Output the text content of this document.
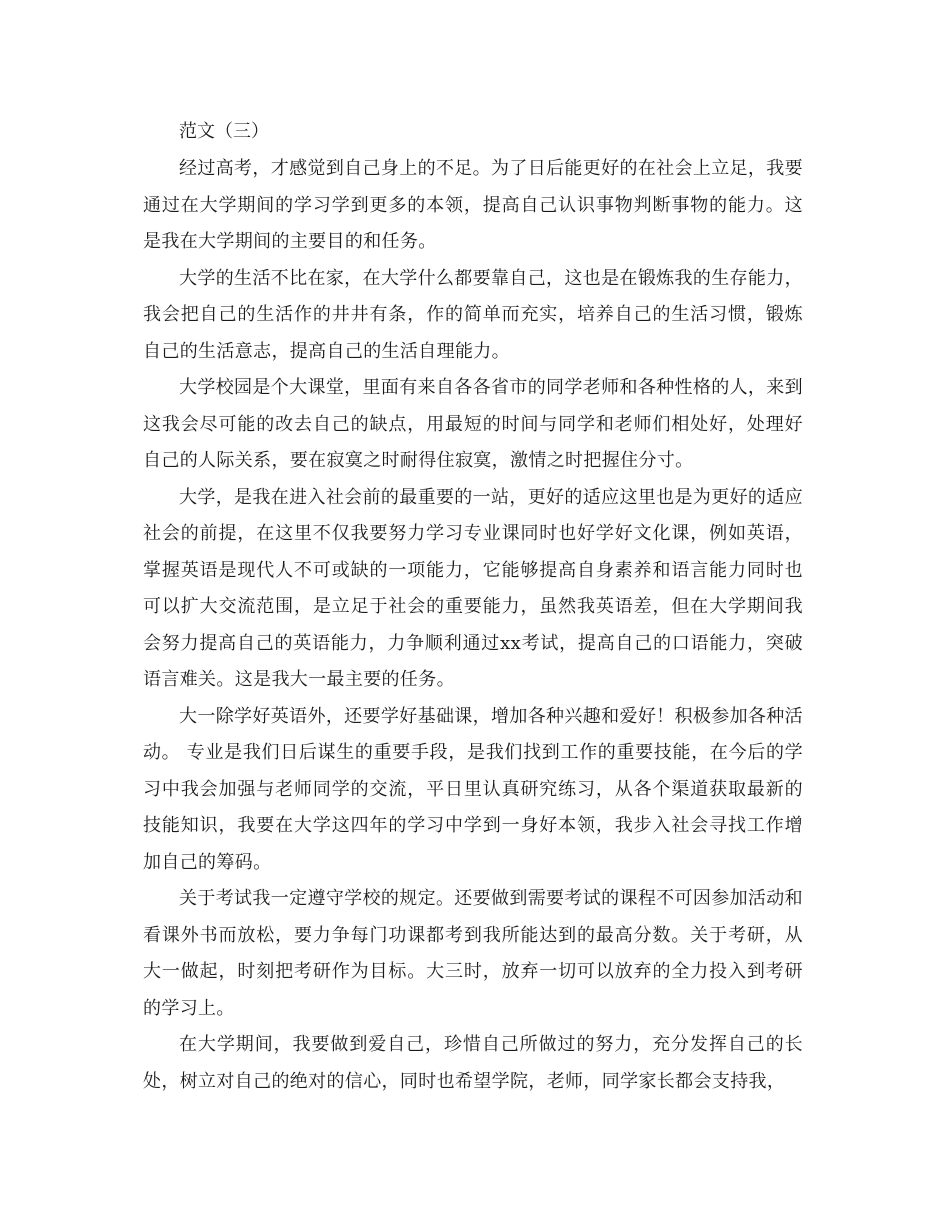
范文（三）

经过高考，才感觉到自己身上的不足。为了日后能更好的在社会上立足，我要通过在大学期间的学习学到更多的本领，提高自己认识事物判断事物的能力。这是我在大学期间的主要目的和任务。

大学的生活不比在家，在大学什么都要靠自己，这也是在锻炼我的生存能力，我会把自己的生活作的井井有条，作的简单而充实，培养自己的生活习惯，锻炼自己的生活意志，提高自己的生活自理能力。

大学校园是个大课堂，里面有来自各各省市的同学老师和各种性格的人，来到这我会尽可能的改去自己的缺点，用最短的时间与同学和老师们相处好，处理好自己的人际关系，要在寂寞之时耐得住寂寞，激情之时把握住分寸。

大学，是我在进入社会前的最重要的一站，更好的适应这里也是为更好的适应社会的前提，在这里不仅我要努力学习专业课同时也好学好文化课，例如英语，掌握英语是现代人不可或缺的一项能力，它能够提高自身素养和语言能力同时也可以扩大交流范围，是立足于社会的重要能力，虽然我英语差，但在大学期间我会努力提高自己的英语能力，力争顺利通过xx考试，提高自己的口语能力，突破语言难关。这是我大一最主要的任务。

大一除学好英语外，还要学好基础课，增加各种兴趣和爱好！积极参加各种活动。 专业是我们日后谋生的重要手段，是我们找到工作的重要技能，在今后的学习中我会加强与老师同学的交流，平日里认真研究练习，从各个渠道获取最新的技能知识，我要在大学这四年的学习中学到一身好本领，我步入社会寻找工作增加自己的筹码。

关于考试我一定遵守学校的规定。还要做到需要考试的课程不可因参加活动和看课外书而放松，要力争每门功课都考到我所能达到的最高分数。关于考研，从大一做起，时刻把考研作为目标。大三时，放弃一切可以放弃的全力投入到考研的学习上。

在大学期间，我要做到爱自己，珍惜自己所做过的努力，充分发挥自己的长处，树立对自己的绝对的信心，同时也希望学院，老师，同学家长都会支持我，
